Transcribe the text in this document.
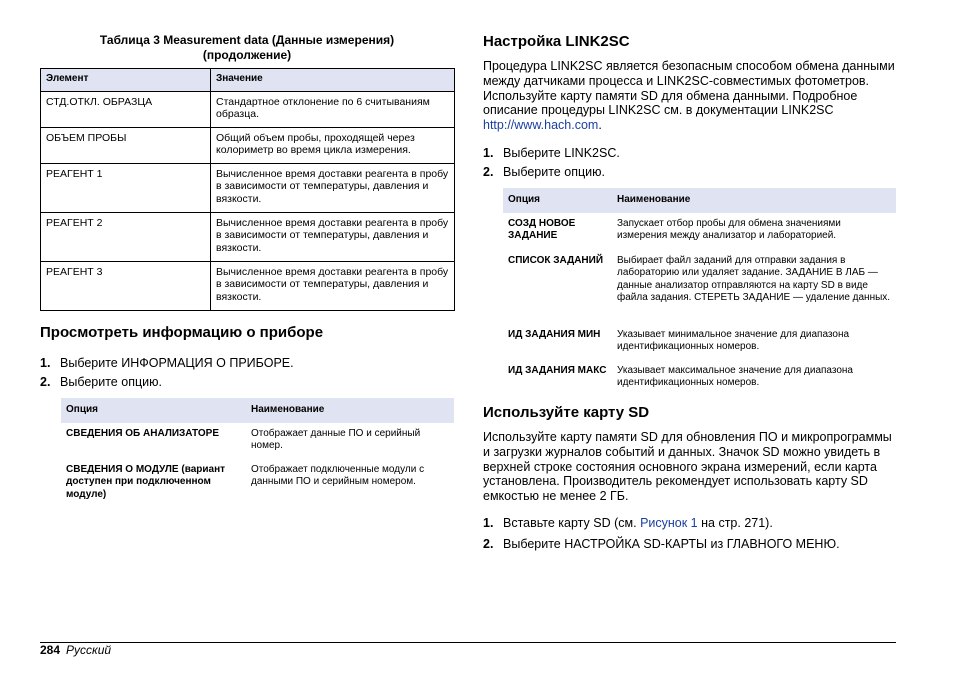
Таблица 3 Measurement data (Данные измерения)
(продолжение)
Элемент	Значение
СТД.ОТКЛ. ОБРАЗЦА	Стандартное отклонение по 6 считываниям образца.
ОБЪЕМ ПРОБЫ	Общий объем пробы, проходящей через колориметр во время цикла измерения.
РЕАГЕНТ 1	Вычисленное время доставки реагента в пробу в зависимости от температуры, давления и вязкости.
РЕАГЕНТ 2	Вычисленное время доставки реагента в пробу в зависимости от температуры, давления и вязкости.
РЕАГЕНТ 3	Вычисленное время доставки реагента в пробу в зависимости от температуры, давления и вязкости.
Просмотреть информацию о приборе
1. Выберите ИНФОРМАЦИЯ О ПРИБОРЕ.
2. Выберите опцию.
Опция	Наименование
СВЕДЕНИЯ ОБ АНАЛИЗАТОРЕ	Отображает данные ПО и серийный номер.
СВЕДЕНИЯ О МОДУЛЕ (вариант доступен при подключенном модуле)	Отображает подключенные модули с данными ПО и серийным номером.
Настройка LINK2SC

Процедура LINK2SC является безопасным способом обмена данными между датчиками процесса и LINK2SC-совместимых фотометров. Используйте карту памяти SD для обмена данными. Подробное описание процедуры LINK2SC см. в документации LINK2SC http://www.hach.com.

1. Выберите LINK2SC.
2. Выберите опцию.
Опция	Наименование
СОЗД НОВОЕ ЗАДАНИЕ	Запускает отбор пробы для обмена значениями измерения между анализатор и лабораторией.
СПИСОК ЗАДАНИЙ	Выбирает файл заданий для отправки задания в лабораторию или удаляет задание. ЗАДАНИЕ В ЛАБ — данные анализатор отправляются на карту SD в виде файла задания. СТЕРЕТЬ ЗАДАНИЕ — удаление данных.
ИД ЗАДАНИЯ МИН	Указывает минимальное значение для диапазона идентификационных номеров.
ИД ЗАДАНИЯ МАКС	Указывает максимальное значение для диапазона идентификационных номеров.
Используйте карту SD

Используйте карту памяти SD для обновления ПО и микропрограммы и загрузки журналов событий и данных. Значок SD можно увидеть в верхней строке состояния основного экрана измерений, если карта установлена. Производитель рекомендует использовать карту SD емкостью не менее 2 ГБ.

1. Вставьте карту SD (см. Рисунок 1 на стр. 271).
2. Выберите НАСТРОЙКА SD-КАРТЫ из ГЛАВНОГО МЕНЮ.
284 Русский
